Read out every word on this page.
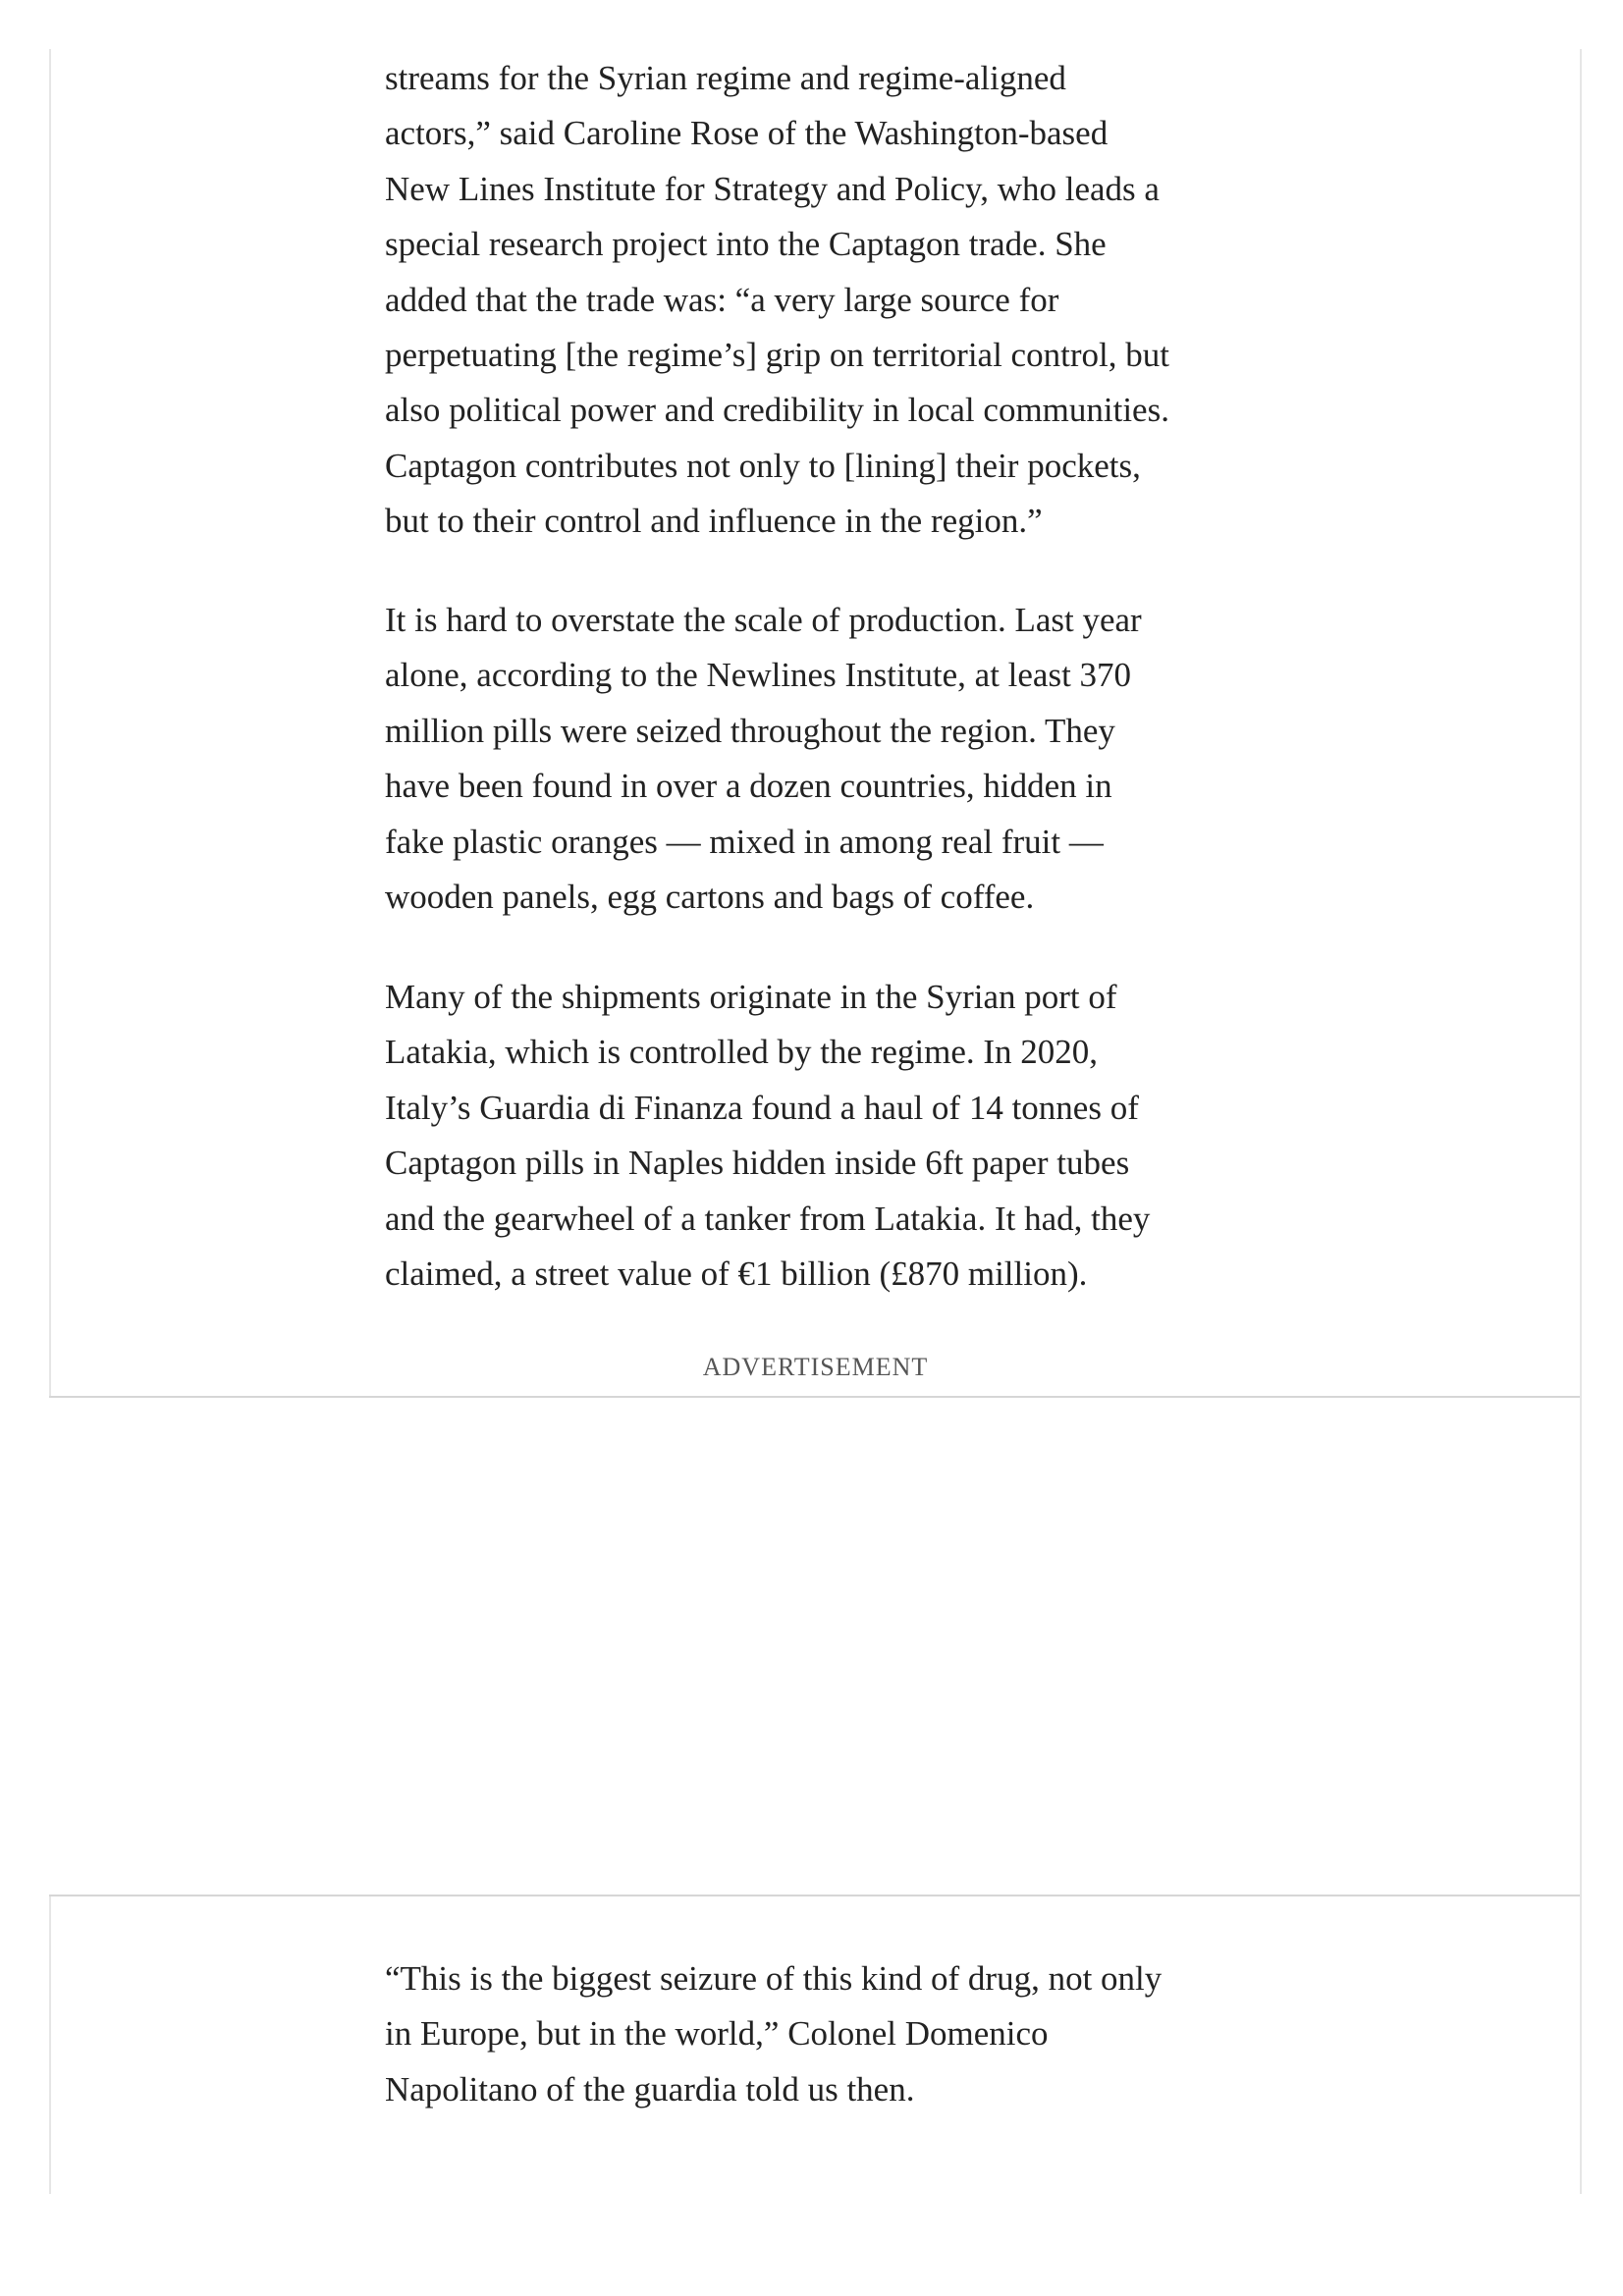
streams for the Syrian regime and regime-aligned
actors,” said Caroline Rose of the Washington-based
New Lines Institute for Strategy and Policy, who leads a
special research project into the Captagon trade. She
added that the trade was: “a very large source for
perpetuating [the regime’s] grip on territorial control, but
also political power and credibility in local communities.
Captagon contributes not only to [lining] their pockets,
but to their control and influence in the region.”

It is hard to overstate the scale of production. Last year
alone, according to the Newlines Institute, at least 370
million pills were seized throughout the region. They
have been found in over a dozen countries, hidden in
fake plastic oranges — mixed in among real fruit —
wooden panels, egg cartons and bags of coffee.

Many of the shipments originate in the Syrian port of
Latakia, which is controlled by the regime. In 2020,
Italy’s Guardia di Finanza found a haul of 14 tonnes of
Captagon pills in Naples hidden inside 6ft paper tubes
and the gearwheel of a tanker from Latakia. It had, they
claimed, a street value of €1 billion (£870 million).

ADVERTISEMENT

“This is the biggest seizure of this kind of drug, not only
in Europe, but in the world,” Colonel Domenico
Napolitano of the guardia told us then.
